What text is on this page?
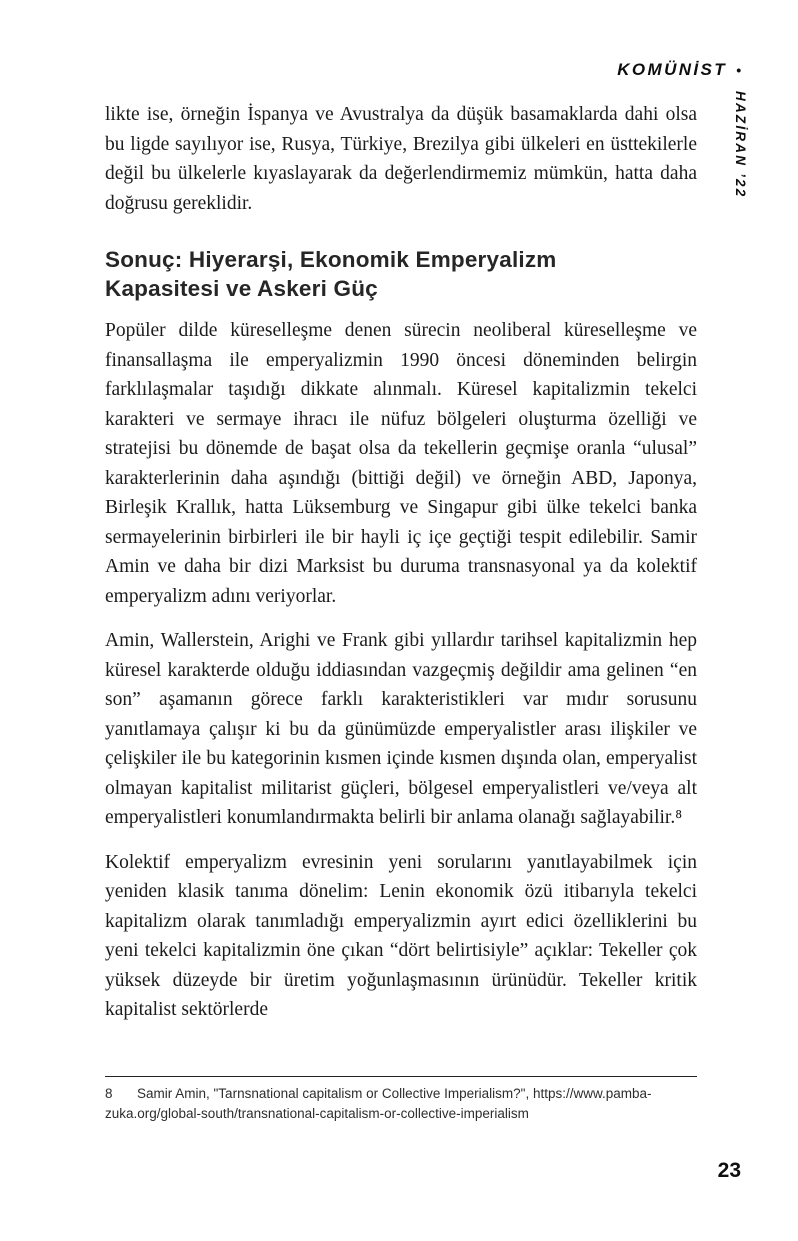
KOMÜNİST •
HAZİRAN ’22

likte ise, örneğin İspanya ve Avustralya da düşük basamaklarda dahi olsa bu ligde sayılıyor ise, Rusya, Türkiye, Brezilya gibi ülkeleri en üsttekilerle değil bu ülkelerle kıyaslayarak da değerlendirmemiz mümkün, hatta daha doğrusu gereklidir.

Sonuç: Hiyerarşi, Ekonomik Emperyalizm
Kapasitesi ve Askeri Güç

Popüler dilde küreselleşme denen sürecin neoliberal küreselleşme ve finansallaşma ile emperyalizmin 1990 öncesi döneminden belirgin farklılaşmalar taşıdığı dikkate alınmalı. Küresel kapitalizmin tekelci karakteri ve sermaye ihracı ile nüfuz bölgeleri oluşturma özelliği ve stratejisi bu dönemde de başat olsa da tekellerin geçmişe oranla “ulusal” karakterlerinin daha aşındığı (bittiği değil) ve örneğin ABD, Japonya, Birleşik Krallık, hatta Lüksemburg ve Singapur gibi ülke tekelci banka sermayelerinin birbirleri ile bir hayli iç içe geçtiği tespit edilebilir. Samir Amin ve daha bir dizi Marksist bu duruma transnasyonal ya da kolektif emperyalizm adını veriyorlar.

Amin, Wallerstein, Arighi ve Frank gibi yıllardır tarihsel kapitalizmin hep küresel karakterde olduğu iddiasından vazgeçmiş değildir ama gelinen “en son” aşamanın görece farklı karakteristikleri var mıdır sorusunu yanıtlamaya çalışır ki bu da günümüzde emperyalistler arası ilişkiler ve çelişkiler ile bu kategorinin kısmen içinde kısmen dışında olan, emperyalist olmayan kapitalist militarist güçleri, bölgesel emperyalistleri ve/veya alt emperyalistleri konumlandırmakta belirli bir anlama olanağı sağlayabilir.⁸

Kolektif emperyalizm evresinin yeni sorularını yanıtlayabilmek için yeniden klasik tanıma dönelim: Lenin ekonomik özü itibarıyla tekelci kapitalizm olarak tanımladığı emperyalizmin ayırt edici özelliklerini bu yeni tekelci kapitalizmin öne çıkan “dört belirtisiyle” açıklar: Tekeller çok yüksek düzeyde bir üretim yoğunlaşmasının ürünüdür. Tekeller kritik kapitalist sektörlerde

8 Samir Amin, "Tarnsnational capitalism or Collective Imperialism?", https://www.pamba-
zuka.org/global-south/transnational-capitalism-or-collective-imperialism
23
